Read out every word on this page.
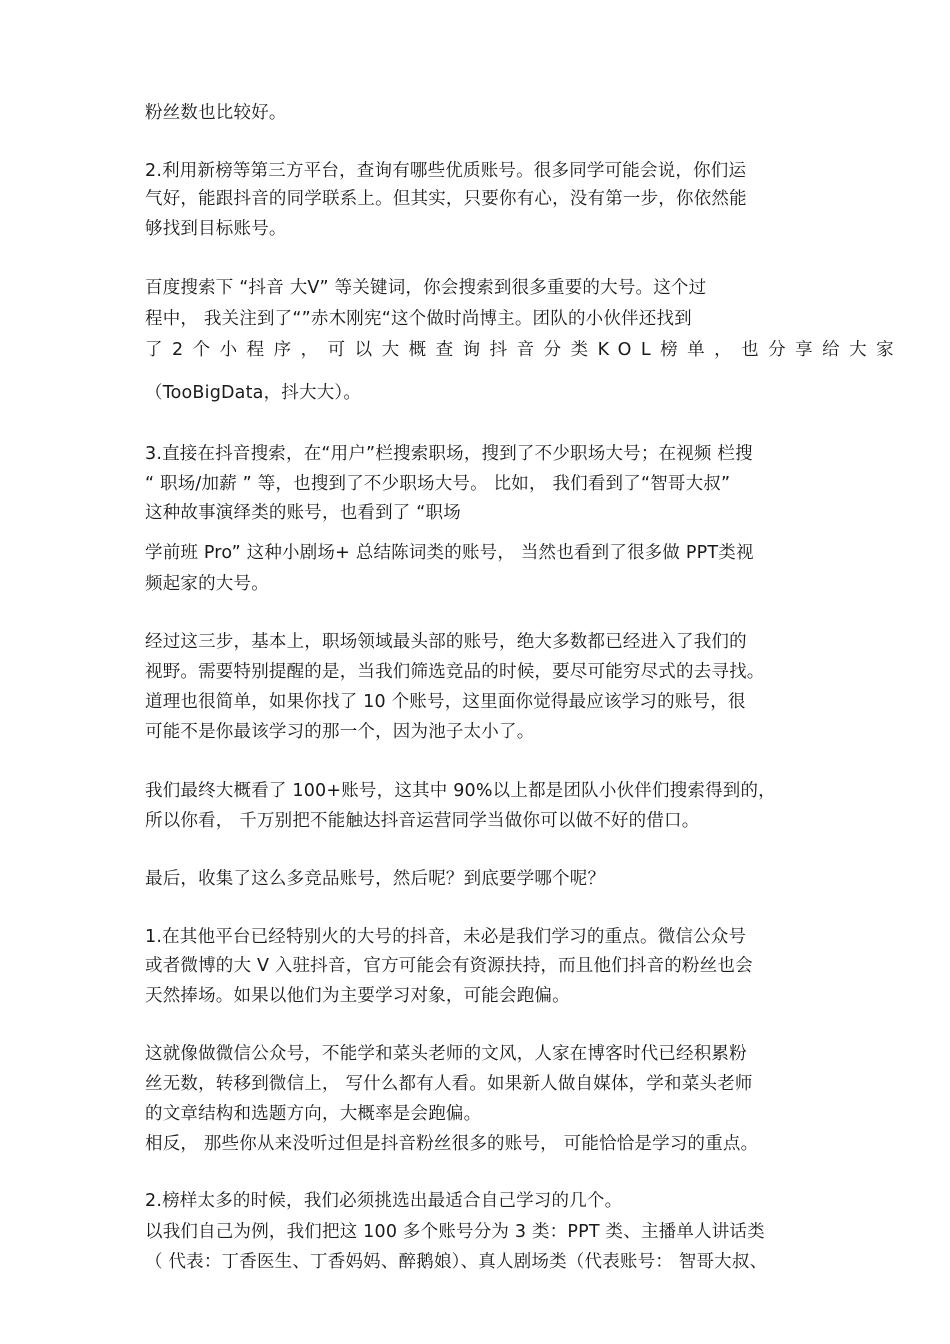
粉丝数也比较好。
2.利用新榜等第三方平台，查询有哪些优质账号。很多同学可能会说，你们运
气好，能跟抖音的同学联系上。但其实，只要你有心，没有第一步，你依然能
够找到目标账号。
百度搜索下 “抖音 大V” 等关键词，你会搜索到很多重要的大号。这个过
程中， 我关注到了“”赤木刚宪“这个做时尚博主。团队的小伙伴还找到
了2个小程序，可以大概查询抖音分类KOL榜单，也分享给大家
（TooBigData，抖大大）。
3.直接在抖音搜索，在“用户”栏搜索职场，搜到了不少职场大号；在视频 栏搜
“ 职场/加薪 ” 等，也搜到了不少职场大号。 比如， 我们看到了“智哥大叔”
这种故事演绎类的账号，也看到了 “职场
学前班 Pro” 这种小剧场+ 总结陈词类的账号， 当然也看到了很多做 PPT类视
频起家的大号。
经过这三步，基本上，职场领域最头部的账号，绝大多数都已经进入了我们的
视野。需要特别提醒的是，当我们筛选竞品的时候，要尽可能穷尽式的去寻找。
道理也很简单，如果你找了 10 个账号，这里面你觉得最应该学习的账号，很
可能不是你最该学习的那一个，因为池子太小了。
我们最终大概看了 100+账号，这其中 90%以上都是团队小伙伴们搜索得到的，
所以你看， 千万别把不能触达抖音运营同学当做你可以做不好的借口。
最后，收集了这么多竞品账号，然后呢？到底要学哪个呢？
1.在其他平台已经特别火的大号的抖音，未必是我们学习的重点。微信公众号
或者微博的大 V 入驻抖音，官方可能会有资源扶持，而且他们抖音的粉丝也会
天然捧场。如果以他们为主要学习对象，可能会跑偏。
这就像做微信公众号，不能学和菜头老师的文风，人家在博客时代已经积累粉
丝无数，转移到微信上， 写什么都有人看。如果新人做自媒体，学和菜头老师
的文章结构和选题方向，大概率是会跑偏。
相反， 那些你从来没听过但是抖音粉丝很多的账号， 可能恰恰是学习的重点。
2.榜样太多的时候，我们必须挑选出最适合自己学习的几个。
以我们自己为例，我们把这 100 多个账号分为 3 类：PPT 类、主播单人讲话类
（ 代表：丁香医生、丁香妈妈、醉鹅娘）、真人剧场类（代表账号： 智哥大叔、
